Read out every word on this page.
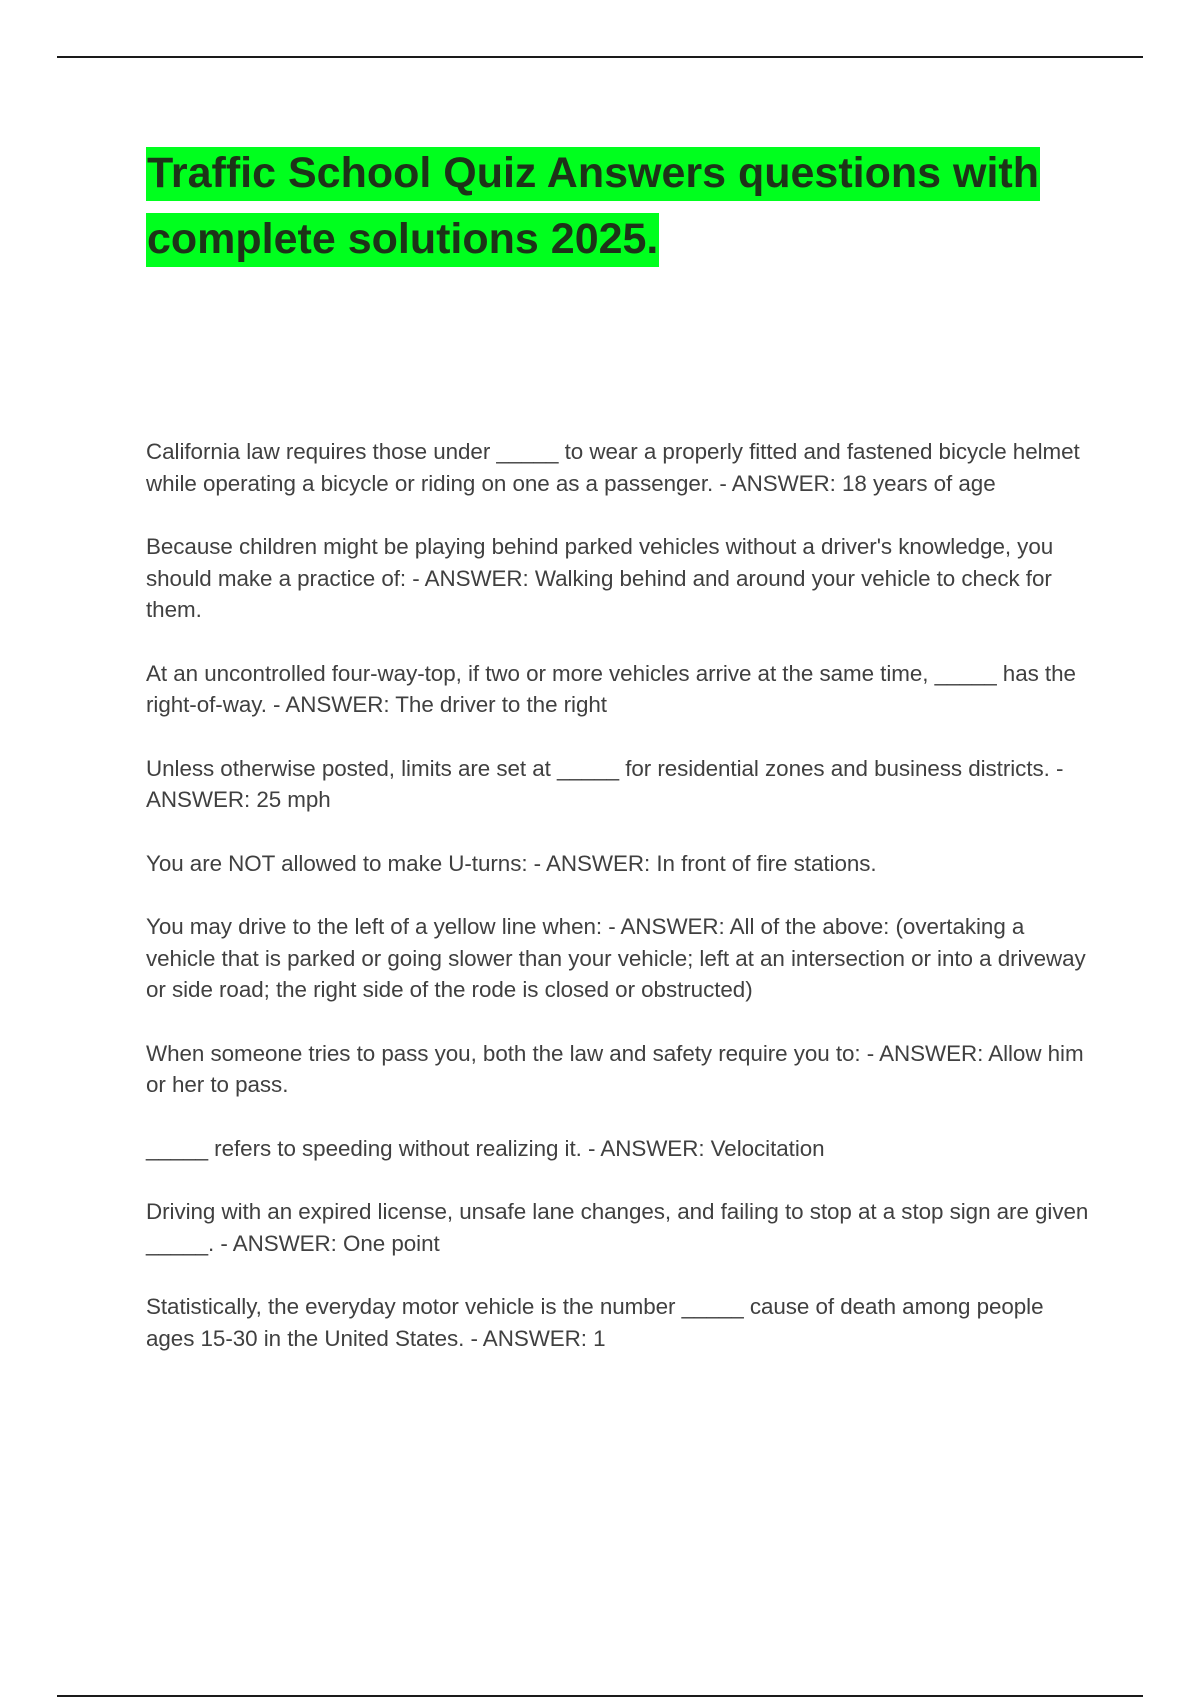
Traffic School Quiz Answers questions with complete solutions 2025.

California law requires those under _____ to wear a properly fitted and fastened bicycle helmet while operating a bicycle or riding on one as a passenger. - ANSWER: 18 years of age

Because children might be playing behind parked vehicles without a driver's knowledge, you should make a practice of: - ANSWER: Walking behind and around your vehicle to check for them.

At an uncontrolled four-way-top, if two or more vehicles arrive at the same time, _____ has the right-of-way. - ANSWER: The driver to the right

Unless otherwise posted, limits are set at _____ for residential zones and business districts. - ANSWER: 25 mph

You are NOT allowed to make U-turns: - ANSWER: In front of fire stations.

You may drive to the left of a yellow line when: - ANSWER: All of the above: (overtaking a vehicle that is parked or going slower than your vehicle; left at an intersection or into a driveway or side road; the right side of the rode is closed or obstructed)

When someone tries to pass you, both the law and safety require you to: - ANSWER: Allow him or her to pass.

_____ refers to speeding without realizing it. - ANSWER: Velocitation

Driving with an expired license, unsafe lane changes, and failing to stop at a stop sign are given _____. - ANSWER: One point

Statistically, the everyday motor vehicle is the number _____ cause of death among people ages 15-30 in the United States. - ANSWER: 1
